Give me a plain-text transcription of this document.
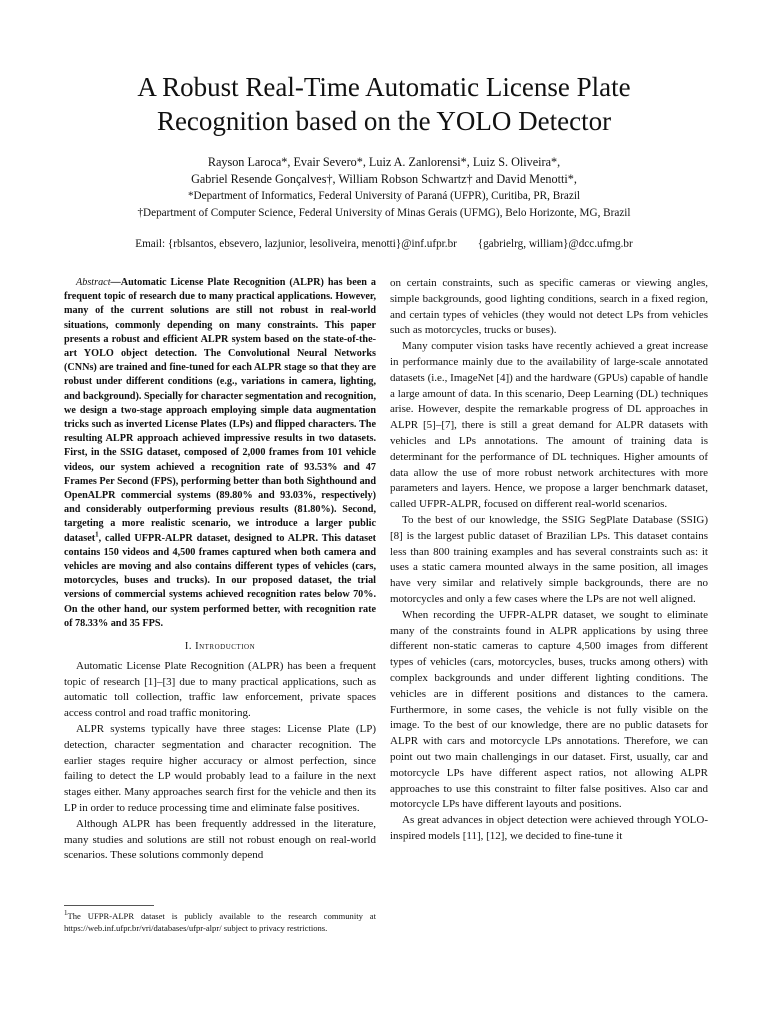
A Robust Real-Time Automatic License Plate
Recognition based on the YOLO Detector
Rayson Laroca*, Evair Severo*, Luiz A. Zanlorensi*, Luiz S. Oliveira*,
Gabriel Resende Gonçalves†, William Robson Schwartz† and David Menotti*,
*Department of Informatics, Federal University of Paraná (UFPR), Curitiba, PR, Brazil
†Department of Computer Science, Federal University of Minas Gerais (UFMG), Belo Horizonte, MG, Brazil
Email: {rblsantos, ebsevero, lazjunior, lesoliveira, menotti}@inf.ufpr.br {gabrielrg, william}@dcc.ufmg.br

Abstract—Automatic License Plate Recognition (ALPR) has been a frequent topic of research due to many practical applications. However, many of the current solutions are still not robust in real-world situations, commonly depending on many constraints. This paper presents a robust and efficient ALPR system based on the state-of-the-art YOLO object detection. The Convolutional Neural Networks (CNNs) are trained and fine-tuned for each ALPR stage so that they are robust under different conditions (e.g., variations in camera, lighting, and background). Specially for character segmentation and recognition, we design a two-stage approach employing simple data augmentation tricks such as inverted License Plates (LPs) and flipped characters. The resulting ALPR approach achieved impressive results in two datasets. First, in the SSIG dataset, composed of 2,000 frames from 101 vehicle videos, our system achieved a recognition rate of 93.53% and 47 Frames Per Second (FPS), performing better than both Sighthound and OpenALPR commercial systems (89.80% and 93.03%, respectively) and considerably outperforming previous results (81.80%). Second, targeting a more realistic scenario, we introduce a larger public dataset$^1$, called UFPR-ALPR dataset, designed to ALPR. This dataset contains 150 videos and 4,500 frames captured when both camera and vehicles are moving and also contains different types of vehicles (cars, motorcycles, buses and trucks). In our proposed dataset, the trial versions of commercial systems achieved recognition rates below 70%. On the other hand, our system performed better, with recognition rate of 78.33% and 35 FPS.

I. Introduction

Automatic License Plate Recognition (ALPR) has been a frequent topic of research [1]–[3] due to many practical applications, such as automatic toll collection, traffic law enforcement, private spaces access control and road traffic monitoring.

ALPR systems typically have three stages: License Plate (LP) detection, character segmentation and character recognition. The earlier stages require higher accuracy or almost perfection, since failing to detect the LP would probably lead to a failure in the next stages either. Many approaches search first for the vehicle and then its LP in order to reduce processing time and eliminate false positives.

Although ALPR has been frequently addressed in the literature, many studies and solutions are still not robust enough on real-world scenarios. These solutions commonly depend

on certain constraints, such as specific cameras or viewing angles, simple backgrounds, good lighting conditions, search in a fixed region, and certain types of vehicles (they would not detect LPs from vehicles such as motorcycles, trucks or buses).

Many computer vision tasks have recently achieved a great increase in performance mainly due to the availability of large-scale annotated datasets (i.e., ImageNet [4]) and the hardware (GPUs) capable of handle a large amount of data. In this scenario, Deep Learning (DL) techniques arise. However, despite the remarkable progress of DL approaches in ALPR [5]–[7], there is still a great demand for ALPR datasets with vehicles and LPs annotations. The amount of training data is determinant for the performance of DL techniques. Higher amounts of data allow the use of more robust network architectures with more parameters and layers. Hence, we propose a larger benchmark dataset, called UFPR-ALPR, focused on different real-world scenarios.

To the best of our knowledge, the SSIG SegPlate Database (SSIG) [8] is the largest public dataset of Brazilian LPs. This dataset contains less than 800 training examples and has several constraints such as: it uses a static camera mounted always in the same position, all images have very similar and relatively simple backgrounds, there are no motorcycles and only a few cases where the LPs are not well aligned.

When recording the UFPR-ALPR dataset, we sought to eliminate many of the constraints found in ALPR applications by using three different non-static cameras to capture 4,500 images from different types of vehicles (cars, motorcycles, buses, trucks among others) with complex backgrounds and under different lighting conditions. The vehicles are in different positions and distances to the camera. Furthermore, in some cases, the vehicle is not fully visible on the image. To the best of our knowledge, there are no public datasets for ALPR with cars and motorcycle LPs annotations. Therefore, we can point out two main challengings in our dataset. First, usually, car and motorcycle LPs have different aspect ratios, not allowing ALPR approaches to use this constraint to filter false positives. Also car and motorcycle LPs have different layouts and positions.

As great advances in object detection were achieved through YOLO-inspired models [11], [12], we decided to fine-tune it

$^1$The UFPR-ALPR dataset is publicly available to the research community at https://web.inf.ufpr.br/vri/databases/ufpr-alpr/ subject to privacy restrictions.
